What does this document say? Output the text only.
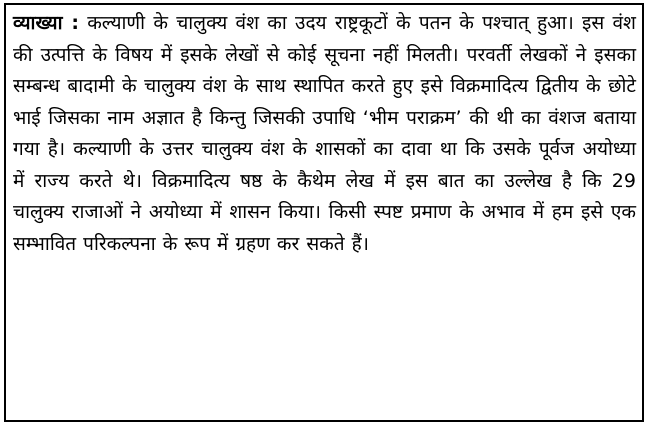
व्याख्या : कल्याणी के चालुक्य वंश का उदय राष्ट्रकूटों के पतन के पश्चात् हुआ। इस वंश की उत्पत्ति के विषय में इसके लेखों से कोई सूचना नहीं मिलती। परवर्ती लेखकों ने इसका सम्बन्ध बादामी के चालुक्य वंश के साथ स्थापित करते हुए इसे विक्रमादित्य द्वितीय के छोटे भाई जिसका नाम अज्ञात है किन्तु जिसकी उपाधि ‘भीम पराक्रम’ की थी का वंशज बताया गया है। कल्याणी के उत्तर चालुक्य वंश के शासकों का दावा था कि उसके पूर्वज अयोध्या में राज्य करते थे। विक्रमादित्य षष्ठ के कैथेम लेख में इस बात का उल्लेख है कि 29 चालुक्य राजाओं ने अयोध्या में शासन किया। किसी स्पष्ट प्रमाण के अभाव में हम इसे एक सम्भावित परिकल्पना के रूप में ग्रहण कर सकते हैं।
